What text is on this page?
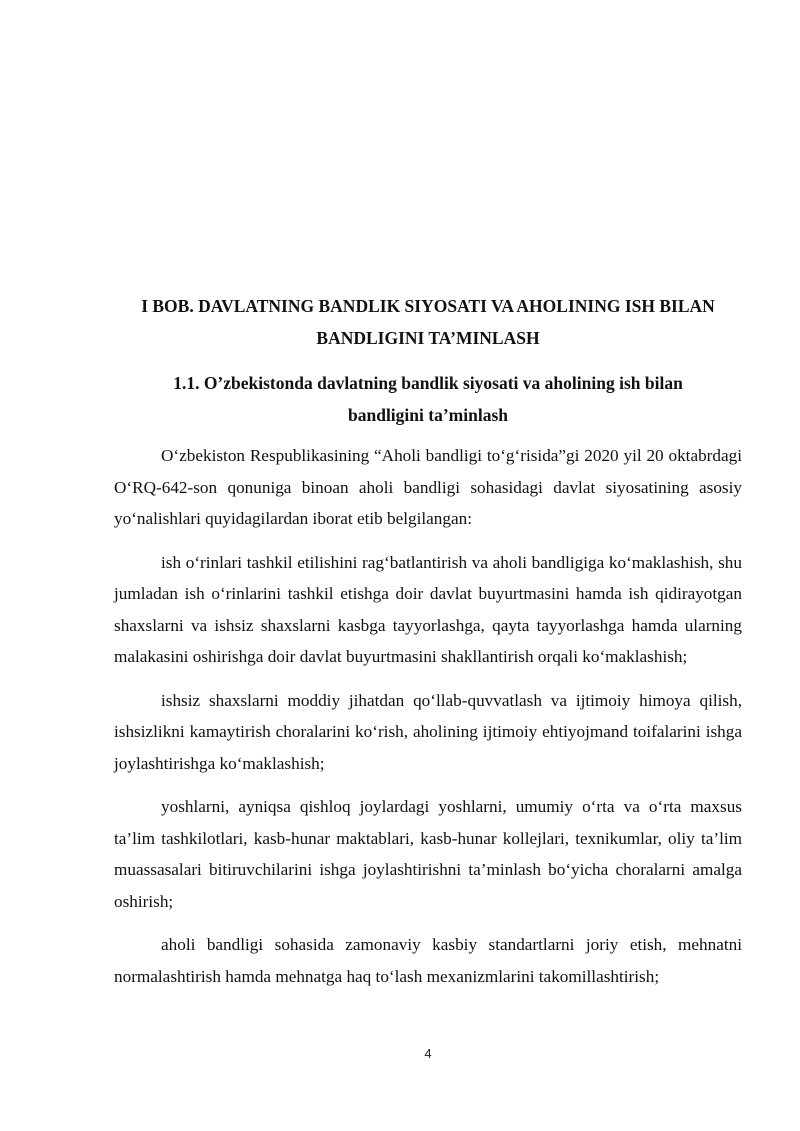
I BOB. DAVLATNING BANDLIK SIYOSATI VA AHOLINING ISH BILAN
BANDLIGINI TA’MINLASH
1.1. O’zbekistonda davlatning bandlik siyosati va aholining ish bilan
bandligini ta’minlash

O‘zbekiston Respublikasining “Aholi bandligi to‘g‘risida”gi 2020 yil 20 oktabrdagi O‘RQ-642-son qonuniga binoan aholi bandligi sohasidagi davlat siyosatining asosiy yo‘nalishlari quyidagilardan iborat etib belgilangan:

ish o‘rinlari tashkil etilishini rag‘batlantirish va aholi bandligiga ko‘maklashish, shu jumladan ish o‘rinlarini tashkil etishga doir davlat buyurtmasini hamda ish qidirayotgan shaxslarni va ishsiz shaxslarni kasbga tayyorlashga, qayta tayyorlashga hamda ularning malakasini oshirishga doir davlat buyurtmasini shakllantirish orqali ko‘maklashish;

ishsiz shaxslarni moddiy jihatdan qo‘llab-quvvatlash va ijtimoiy himoya qilish, ishsizlikni kamaytirish choralarini ko‘rish, aholining ijtimoiy ehtiyojmand toifalarini ishga joylashtirishga ko‘maklashish;

yoshlarni, ayniqsa qishloq joylardagi yoshlarni, umumiy o‘rta va o‘rta maxsus ta’lim tashkilotlari, kasb-hunar maktablari, kasb-hunar kollejlari, texnikumlar, oliy ta’lim muassasalari bitiruvchilarini ishga joylashtirishni ta’minlash bo‘yicha choralarni amalga oshirish;

aholi bandligi sohasida zamonaviy kasbiy standartlarni joriy etish, mehnatni normalashtirish hamda mehnatga haq to‘lash mexanizmlarini takomillashtirish;

4
